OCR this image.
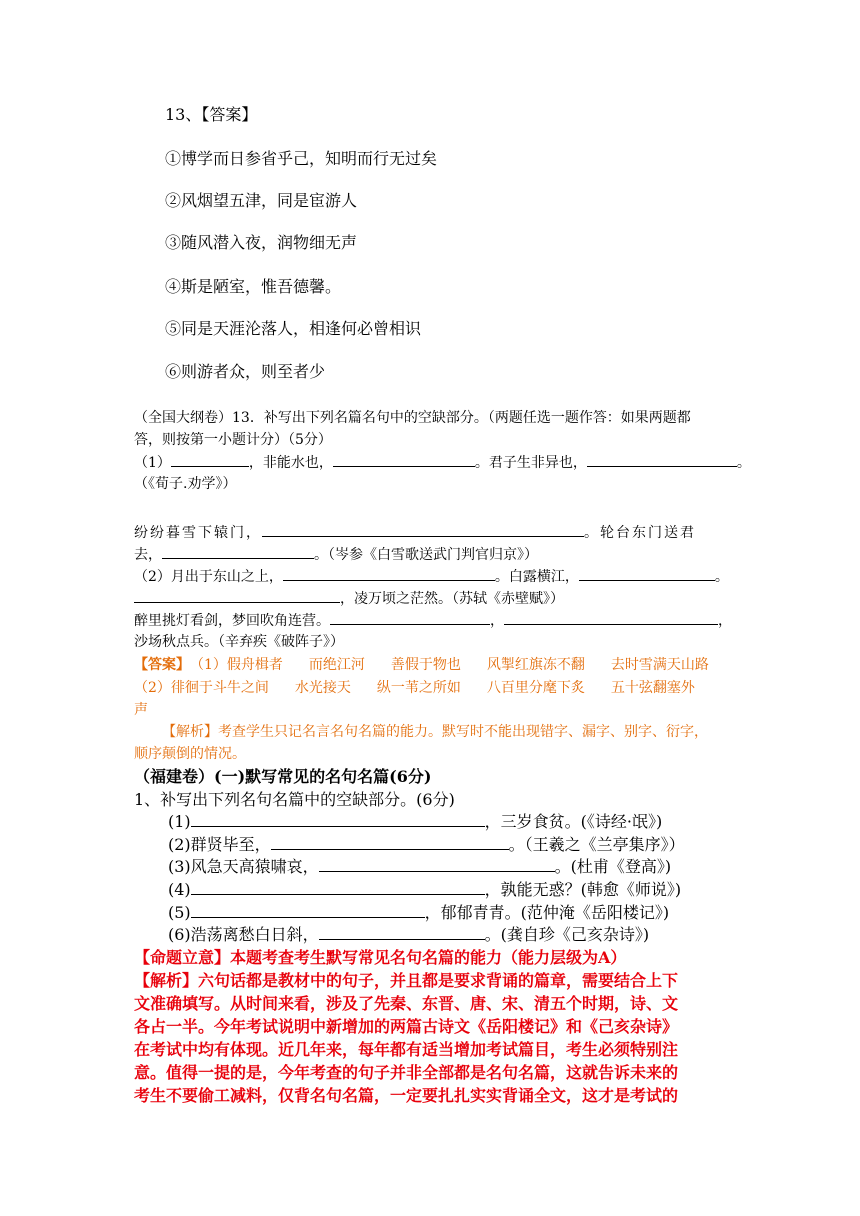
13、【答案】
①博学而日参省乎己，知明而行无过矣
②风烟望五津，同是宦游人
③随风潜入夜，润物细无声
④斯是陋室，惟吾德馨。
⑤同是天涯沦落人，相逢何必曾相识
⑥则游者众，则至者少
（全国大纲卷）13．补写出下列名篇名句中的空缺部分。（两题任选一题作答：如果两题都
答，则按第一小题计分）（5分）
（1）	，非能水也，	。君子生非异也，	。
（《荀子.劝学》）
纷纷暮雪下辕门，	。轮台东门送君
去，	。（岑参《白雪歌送武门判官归京》）
（2）月出于东山之上，	。白露横江，	。
，凌万顷之茫然。（苏轼《赤壁赋》）
醉里挑灯看剑，梦回吹角连营。	，	，
沙场秋点兵。（辛弃疾《破阵子》）
【答案】（1）假舟楫者 而绝江河 善假于物也 风掣红旗冻不翻 去时雪满天山路
（2）徘徊于斗牛之间 水光接天 纵一苇之所如 八百里分麾下炙 五十弦翻塞外
声
【解析】考查学生只记名言名句名篇的能力。默写时不能出现错字、漏字、别字、衍字，
顺序颠倒的情况。
（福建卷）(一)默写常见的名句名篇(6分)
1、补写出下列名句名篇中的空缺部分。(6分)
(1)	，三岁食贫。(《诗经·氓》)
(2)群贤毕至，	。（王羲之《兰亭集序》）
(3)风急天高猿啸哀，	。(杜甫《登高》)
(4)	，孰能无惑？(韩愈《师说》)
(5)	，郁郁青青。(范仲淹《岳阳楼记》)
(6)浩荡离愁白日斜，	。(龚自珍《己亥杂诗》)
【命题立意】本题考查考生默写常见名句名篇的能力（能力层级为A）
【解析】六句话都是教材中的句子，并且都是要求背诵的篇章，需要结合上下
文准确填写。从时间来看，涉及了先秦、东晋、唐、宋、清五个时期，诗、文
各占一半。今年考试说明中新增加的两篇古诗文《岳阳楼记》和《己亥杂诗》
在考试中均有体现。近几年来，每年都有适当增加考试篇目，考生必须特别注
意。值得一提的是，今年考查的句子并非全部都是名句名篇，这就告诉未来的
考生不要偷工减料，仅背名句名篇，一定要扎扎实实背诵全文，这才是考试的
